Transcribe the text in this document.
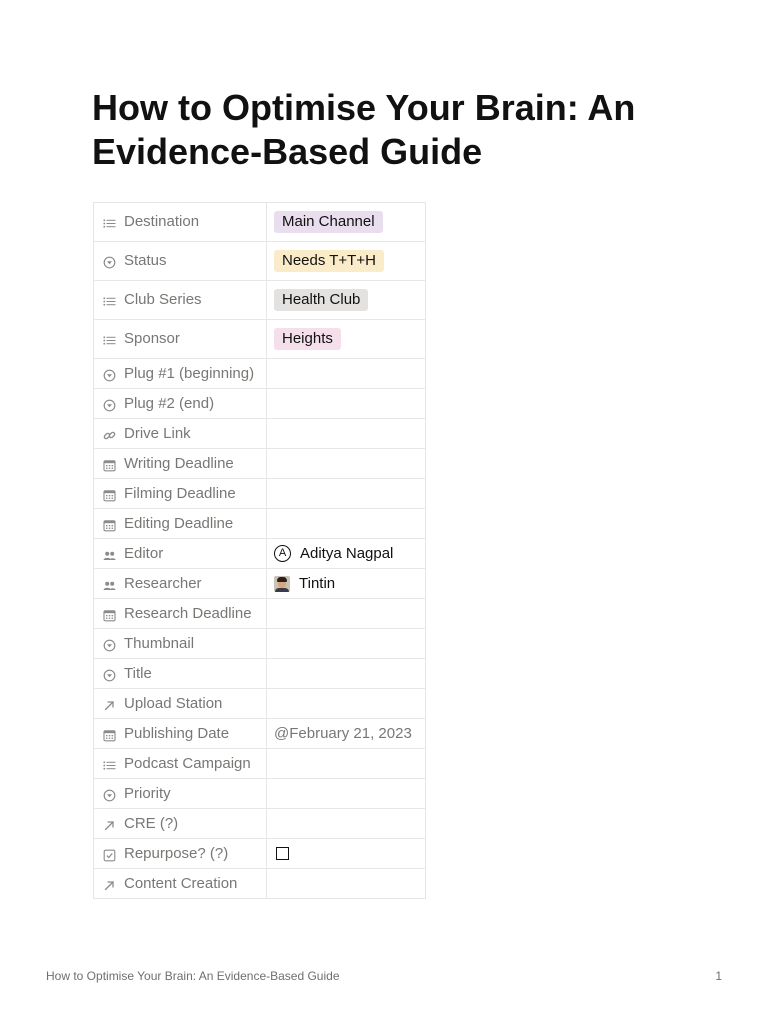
How to Optimise Your Brain: An Evidence-Based Guide
Destination	Main Channel

Status	Needs T+T+H

Club Series	Health Club

Sponsor	Heights

Plug #1 (beginning)	

Plug #2 (end)	

Drive Link	

Writing Deadline	

Filming Deadline	

Editing Deadline	

Editor	A Aditya Nagpal

Researcher	Tintin

Research Deadline	

Thumbnail	

Title	

Upload Station	

Publishing Date	@February 21, 2023

Podcast Campaign	

Priority	

CRE (?)	

Repurpose? (?)	

Content Creation	

How to Optimise Your Brain: An Evidence-Based Guide	1
